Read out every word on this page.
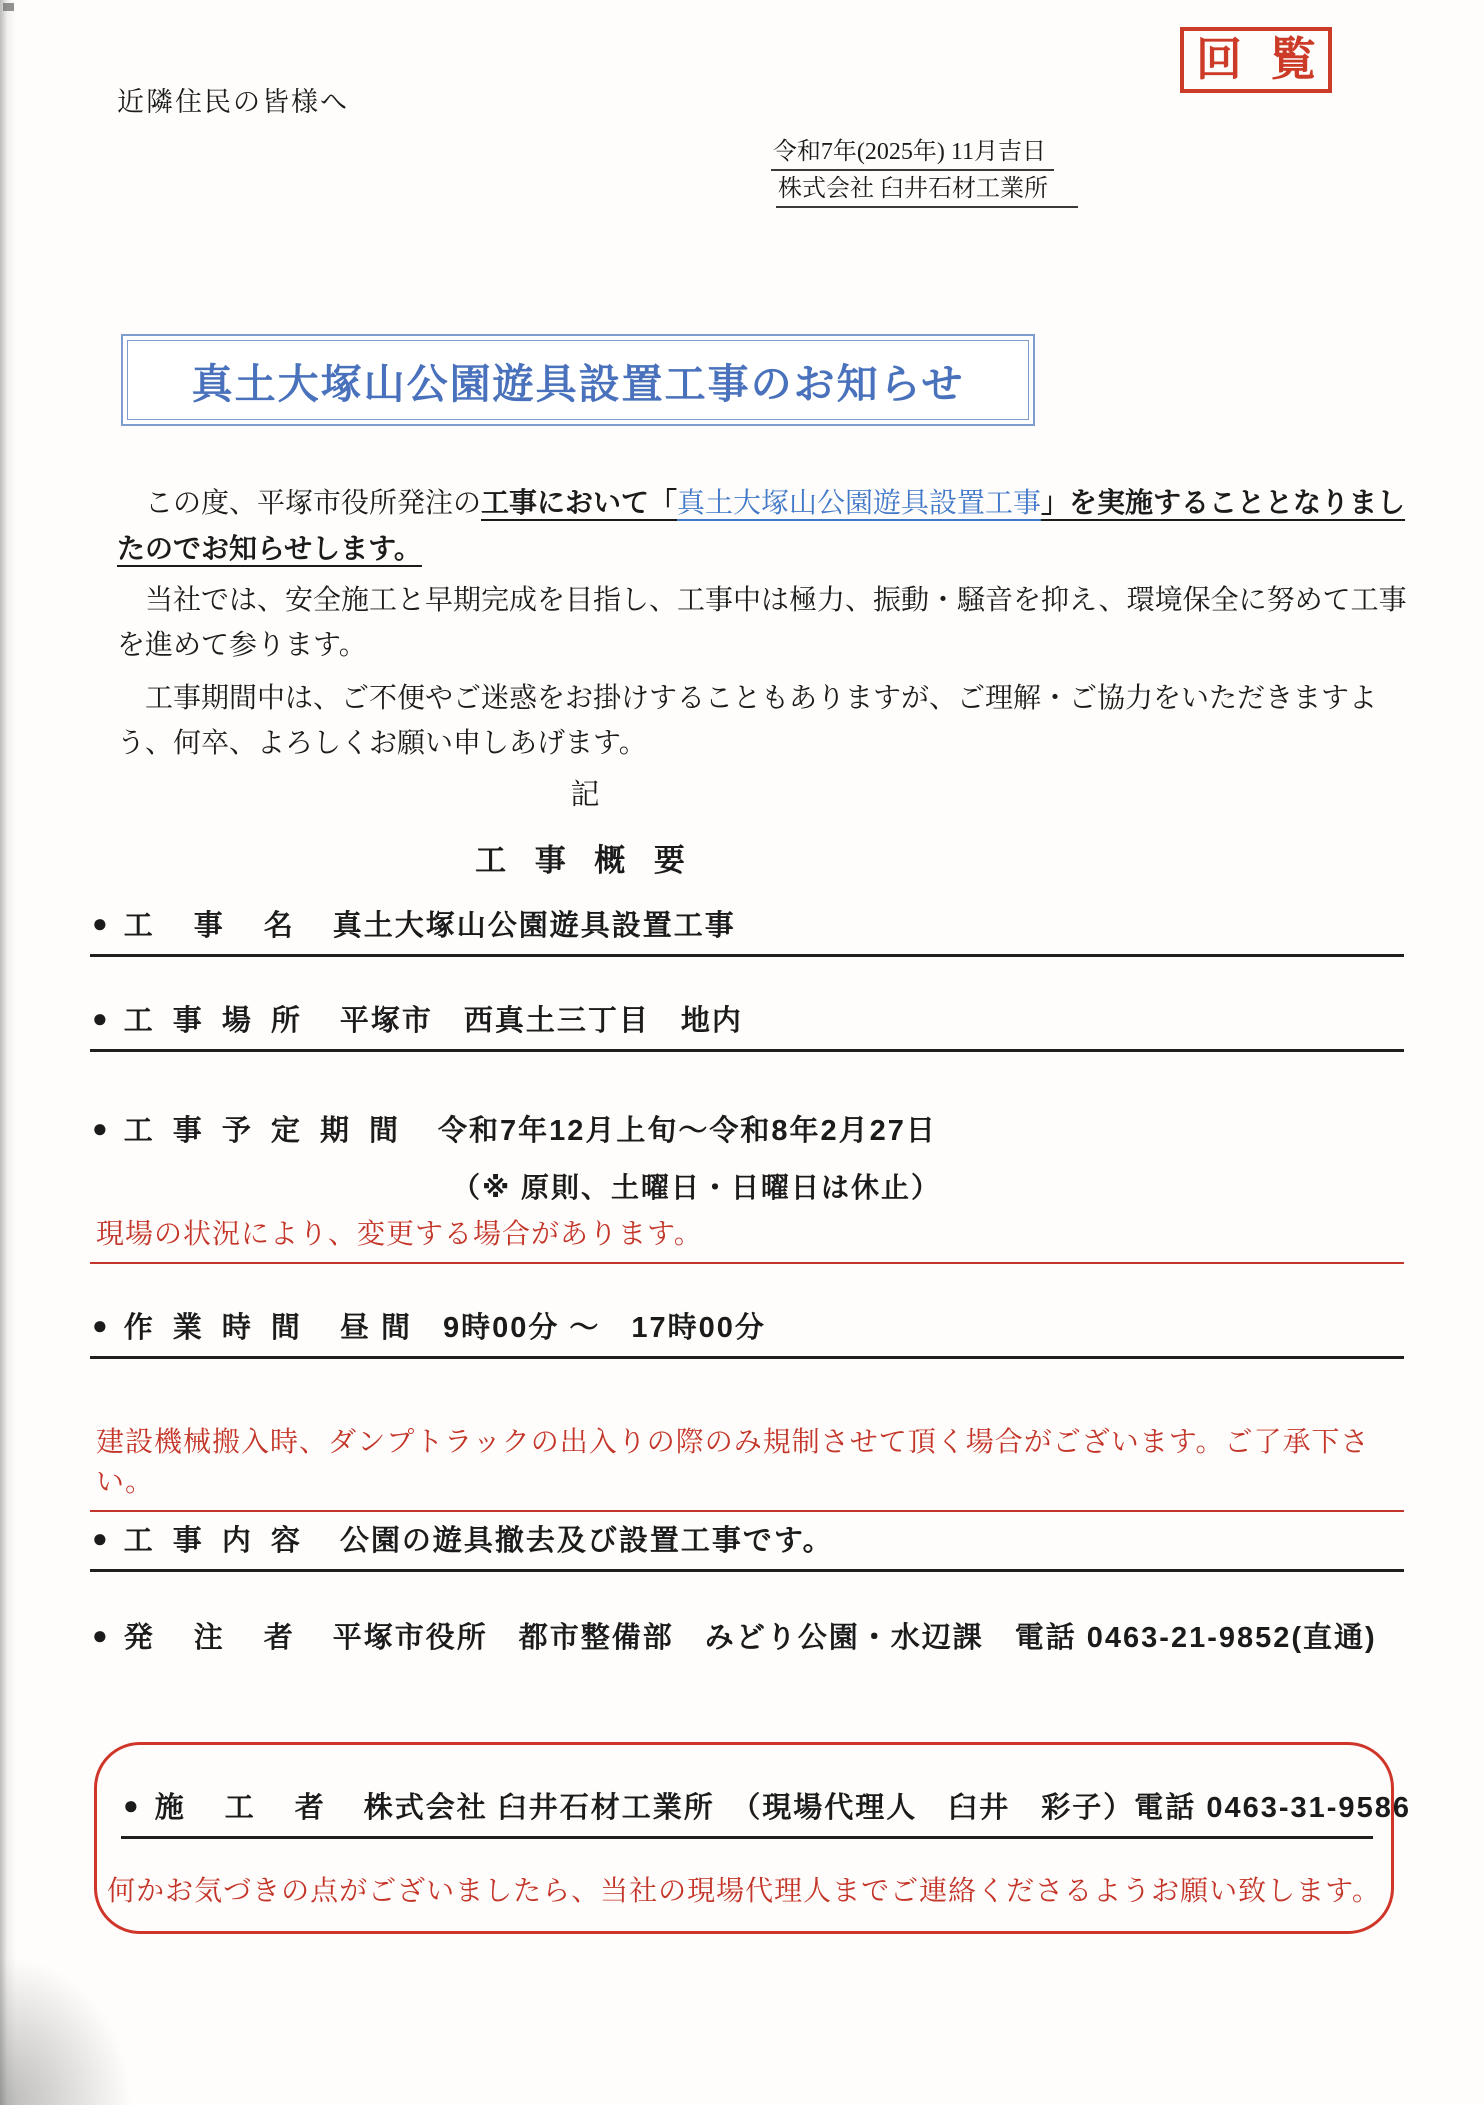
回 覧
近隣住民の皆様へ
令和7年(2025年) 11月吉日
株式会社 臼井石材工業所
真土大塚山公園遊具設置工事のお知らせ

　この度、平塚市役所発注の工事において「真土大塚山公園遊具設置工事」を実施することとなりましたのでお知らせします。

　当社では、安全施工と早期完成を目指し、工事中は極力、振動・騒音を抑え、環境保全に努めて工事を進めて参ります。

　工事期間中は、ご不便やご迷惑をお掛けすることもありますが、ご理解・ご協力をいただきますよう、何卒、よろしくお願い申しあげます。

記
工 事 概 要
● 工　事　名 真土大塚山公園遊具設置工事
● 工 事 場 所 平塚市　西真土三丁目　地内
● 工 事 予 定 期 間 令和7年12月上旬～令和8年2月27日
（※ 原則、土曜日・日曜日は休止）
現場の状況により、変更する場合があります。
● 作 業 時 間 昼 間　9時00分 ～　17時00分
建設機械搬入時、ダンプトラックの出入りの際のみ規制させて頂く場合がございます。ご了承下さい。
● 工 事 内 容 公園の遊具撤去及び設置工事です。
● 発　注　者 平塚市役所　都市整備部　みどり公園・水辺課　電話 0463-21-9852(直通)
● 施　工　者 株式会社 臼井石材工業所　（現場代理人　臼井　彩子）電話 0463-31-9586
何かお気づきの点がございましたら、当社の現場代理人までご連絡くださるようお願い致します。
